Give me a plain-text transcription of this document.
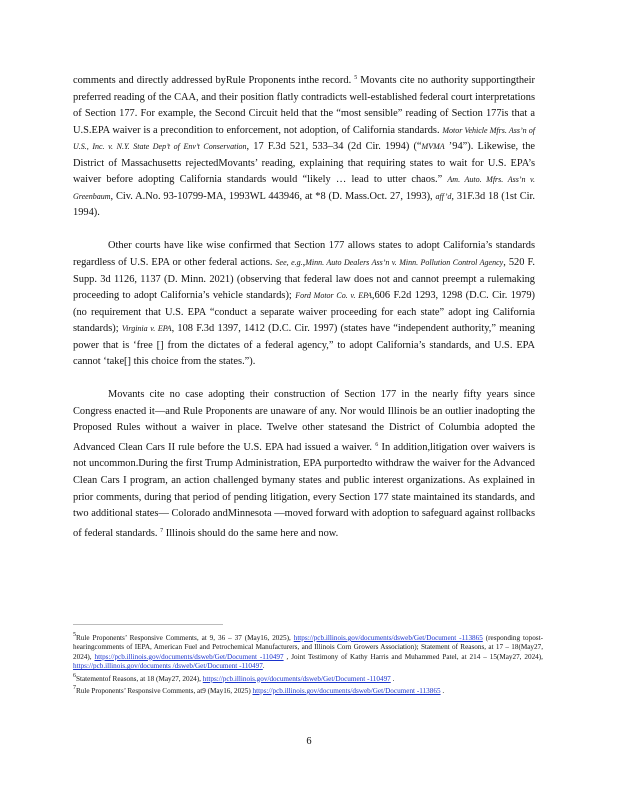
comments and directly addressed byRule Proponents inthe record. $^5$ Movants cite no authority supportingtheir preferred reading of the CAA, and their position flatly contradicts well-established federal court interpretations of Section 177. For example, the Second Circuit held that the “most sensible” reading of Section 177is that a U.S.EPA waiver is a precondition to enforcement, not adoption, of California standards. Motor Vehicle Mfrs. Ass’n of U.S., Inc. v. N.Y. State Dep’t of Env’t Conservation, 17 F.3d 521, 533–34 (2d Cir. 1994) (“MVMA ’94”). Likewise, the District of Massachusetts rejectedMovants’ reading, explaining that requiring states to wait for U.S. EPA’s waiver before adopting California standards would “likely … lead to utter chaos.” Am. Auto. Mfrs. Ass’n v. Greenbaum, Civ. A.No. 93-10799-MA, 1993WL 443946, at *8 (D. Mass.Oct. 27, 1993), aff’d, 31F.3d 18 (1st Cir. 1994).

Other courts have like wise confirmed that Section 177 allows states to adopt California’s standards regardless of U.S. EPA or other federal actions. See, e.g.,Minn. Auto Dealers Ass’n v. Minn. Pollution Control Agency, 520 F. Supp. 3d 1126, 1137 (D. Minn. 2021) (observing that federal law does not and cannot preempt a rulemaking proceeding to adopt California’s vehicle standards); Ford Motor Co. v. EPA,606 F.2d 1293, 1298 (D.C. Cir. 1979) (no requirement that U.S. EPA “conduct a separate waiver proceeding for each state” adopt ing California standards); Virginia v. EPA, 108 F.3d 1397, 1412 (D.C. Cir. 1997) (states have “independent authority,” meaning power that is ‘free [] from the dictates of a federal agency,” to adopt California’s standards, and U.S. EPA cannot ‘take[] this choice from the states.”).

Movants cite no case adopting their construction of Section 177 in the nearly fifty years since Congress enacted it—and Rule Proponents are unaware of any. Nor would Illinois be an outlier inadopting the Proposed Rules without a waiver in place. Twelve other statesand the District of Columbia adopted the Advanced Clean Cars II rule before the U.S. EPA had issued a waiver. $^6$ In addition,litigation over waivers is not uncommon.During the first Trump Administration, EPA purportedto withdraw the waiver for the Advanced Clean Cars I program, an action challenged bymany states and public interest organizations. As explained in prior comments, during that period of pending litigation, every Section 177 state maintained its standards, and two additional states— Colorado andMinnesota —moved forward with adoption to safeguard against rollbacks of federal standards. $^7$ Illinois should do the same here and now.

$^5$Rule Proponents’ Responsive Comments, at 9, 36 – 37 (May16, 2025), https://pcb.illinois.gov/documents/dsweb/Get/Document -113865 (responding topost-hearingcomments of IEPA, American Fuel and Petrochemical Manufacturers, and Illinois Corn Growers Association); Statement of Reasons, at 17 – 18(May27, 2024), https://pcb.illinois.gov/documents/dsweb/Get/Document -110497 , Joint Testimony of Kathy Harris and Muhammed Patel, at 214 – 15(May27, 2024), https://pcb.illinois.gov/documents /dsweb/Get/Document -110497.

$^6$Statementof Reasons, at 18 (May27, 2024), https://pcb.illinois.gov/documents/dsweb/Get/Document -110497 .

$^7$Rule Proponents’ Responsive Comments, at9 (May16, 2025) https://pcb.illinois.gov/documents/dsweb/Get/Document -113865 .

6
